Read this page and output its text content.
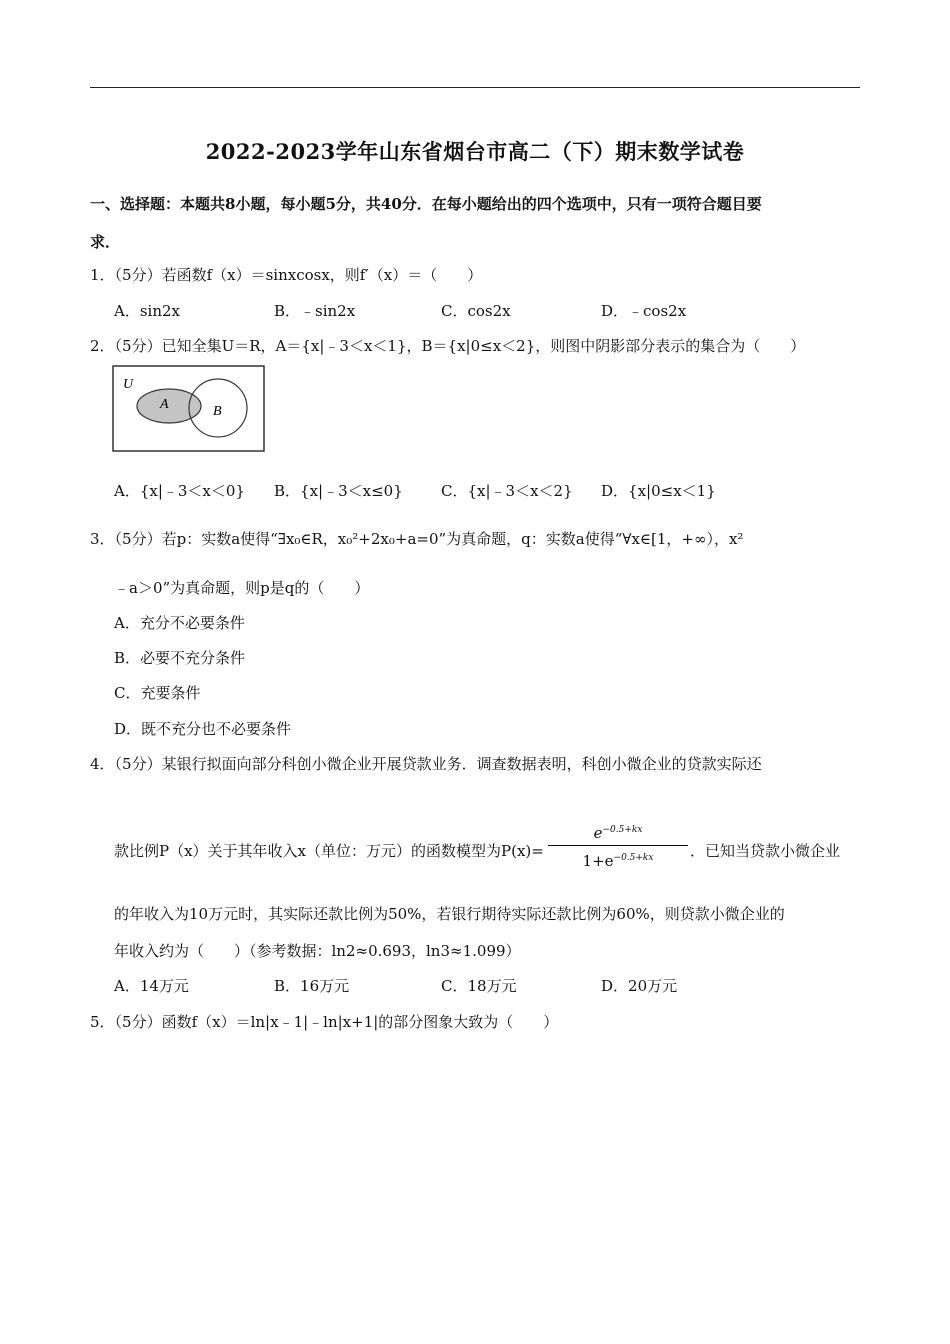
2022-2023学年山东省烟台市高二（下）期末数学试卷
一、选择题：本题共8小题，每小题5分，共40分．在每小题给出的四个选项中，只有一项符合题目要
求．
1．（5分）若函数f（x）＝sinxcosx，则f′（x）＝（　　）
A．sin2x	B．﹣sin2x	C．cos2x	D．﹣cos2x
2．（5分）已知全集U＝R，A＝{x|﹣3＜x＜1}，B＝{x|0≤x＜2}，则图中阴影部分表示的集合为（　　）
U
A	B
A．{x|﹣3＜x＜0} B．{x|﹣3＜x≤0}	C．{x|﹣3＜x＜2} D．{x|0≤x＜1}
3．（5分）若p：实数a使得“∃x₀∈R，x₀²+2x₀+a=0”为真命题，q：实数a使得“∀x∈[1，+∞），x²
﹣a＞0”为真命题，则p是q的（　　）
A．充分不必要条件
B．必要不充分条件
C．充要条件
D．既不充分也不必要条件
4．（5分）某银行拟面向部分科创小微企业开展贷款业务．调查数据表明，科创小微企业的贷款实际还
款比例P（x）关于其年收入x（单位：万元）的函数模型为P(x)=
$e^{-0.5+kx}$
$1+e^{-0.5+kx}$	．已知当贷款小微企业
的年收入为10万元时，其实际还款比例为50%，若银行期待实际还款比例为60%，则贷款小微企业的
年收入约为（　　）（参考数据：ln2≈0.693，ln3≈1.099）
A．14万元	B．16万元	C．18万元	D．20万元
5．（5分）函数f（x）＝ln|x﹣1|﹣ln|x+1|的部分图象大致为（　　）
